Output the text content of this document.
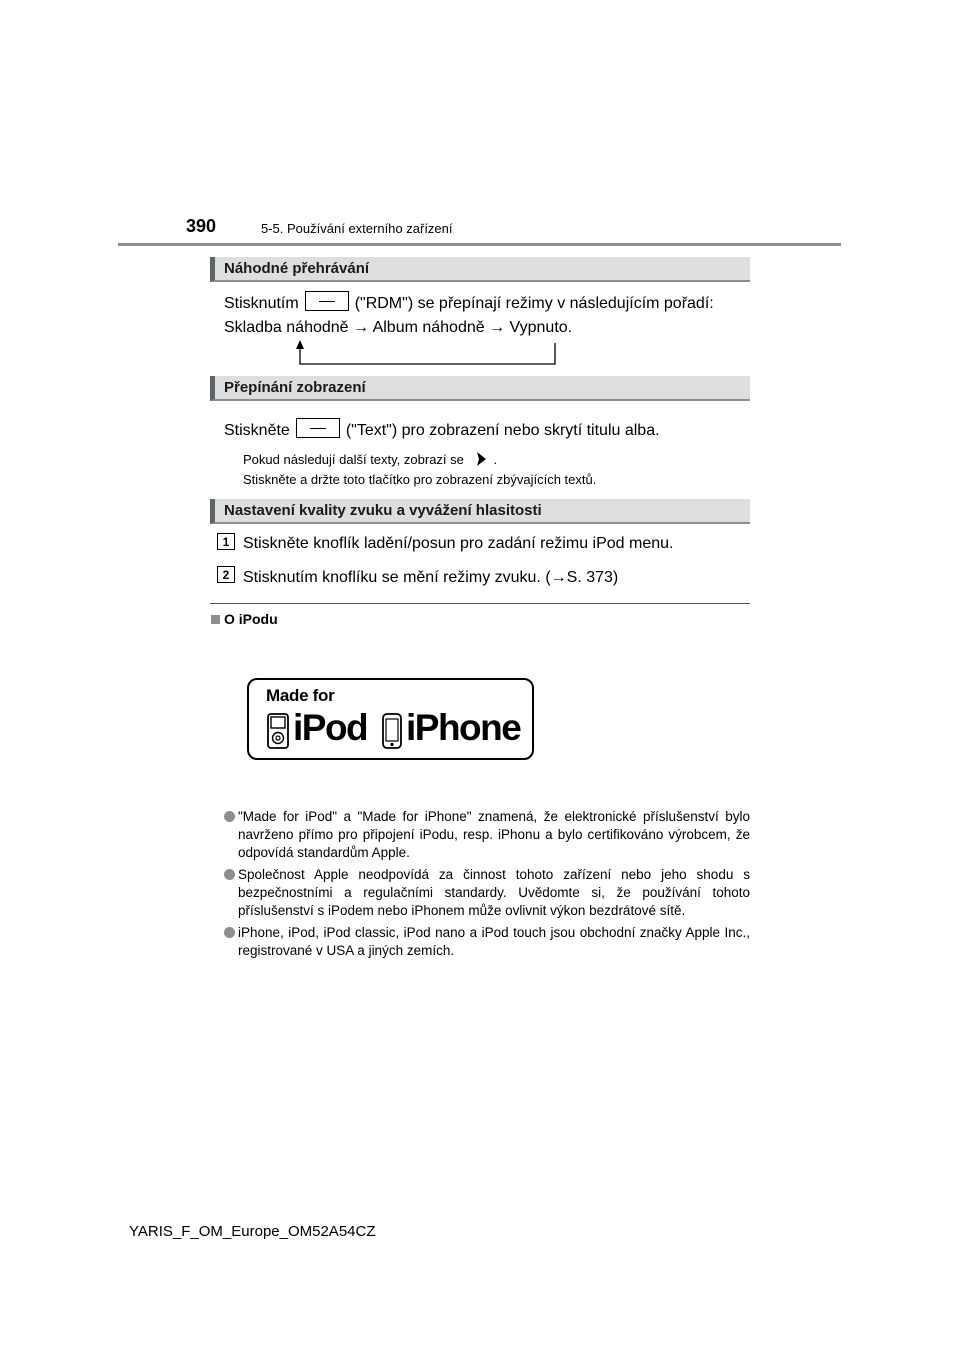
390	5-5. Používání externího zařízení
Náhodné přehrávání
Stisknutím	("RDM") se přepínají režimy v následujícím pořadí:
Skladba náhodně → Album náhodně → Vypnuto.
Přepínání zobrazení
Stiskněte	("Text") pro zobrazení nebo skrytí titulu alba.
Pokud následují další texty, zobrazí se .
Stiskněte a držte toto tlačítko pro zobrazení zbývajících textů.
Nastavení kvality zvuku a vyvážení hlasitosti
1 Stiskněte knoflík ladění/posun pro zadání režimu iPod menu.
2 Stisknutím knoflíku se mění režimy zvuku. (→S. 373)
O iPodu
Made for
iPod iPhone
"Made for iPod" a "Made for iPhone" znamená, že elektronické příslušenství bylo navrženo přímo pro připojení iPodu, resp. iPhonu a bylo certifikováno výrobcem, že odpovídá standardům Apple.
Společnost Apple neodpovídá za činnost tohoto zařízení nebo jeho shodu s bezpečnostními a regulačními standardy. Uvědomte si, že používání tohoto příslušenství s iPodem nebo iPhonem může ovlivnit výkon bezdrátové sítě.
iPhone, iPod, iPod classic, iPod nano a iPod touch jsou obchodní značky Apple Inc., registrované v USA a jiných zemích.
YARIS_F_OM_Europe_OM52A54CZ
